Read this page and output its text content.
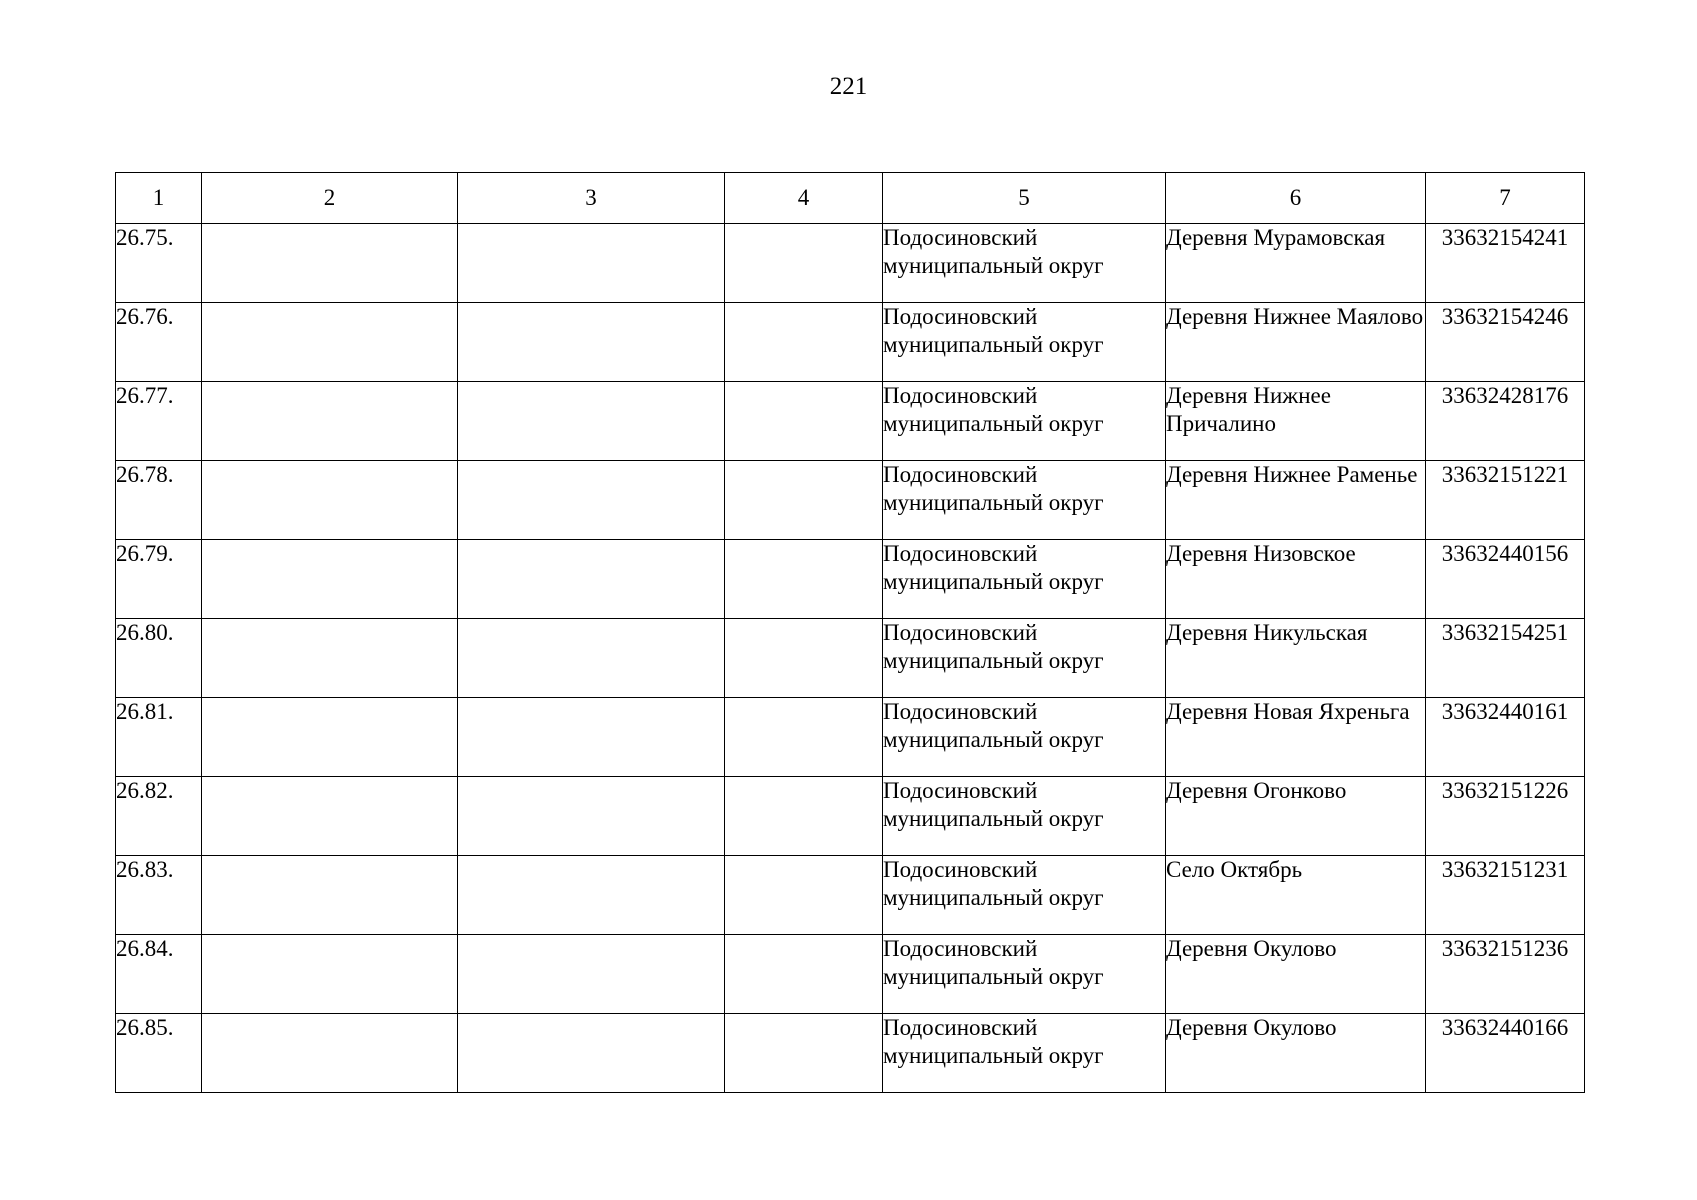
221
1	2	3	4	5	6	7
26.75.				Подосиновский муниципальный округ	Деревня Мурамовская	33632154241
26.76.				Подосиновский муниципальный округ	Деревня Нижнее Маялово	33632154246
26.77.				Подосиновский муниципальный округ	Деревня Нижнее Причалино	33632428176
26.78.				Подосиновский муниципальный округ	Деревня Нижнее Раменье	33632151221
26.79.				Подосиновский муниципальный округ	Деревня Низовское	33632440156
26.80.				Подосиновский муниципальный округ	Деревня Никульская	33632154251
26.81.				Подосиновский муниципальный округ	Деревня Новая Яхреньга	33632440161
26.82.				Подосиновский муниципальный округ	Деревня Огонково	33632151226
26.83.				Подосиновский муниципальный округ	Село Октябрь	33632151231
26.84.				Подосиновский муниципальный округ	Деревня Окулово	33632151236
26.85.				Подосиновский муниципальный округ	Деревня Окулово	33632440166
